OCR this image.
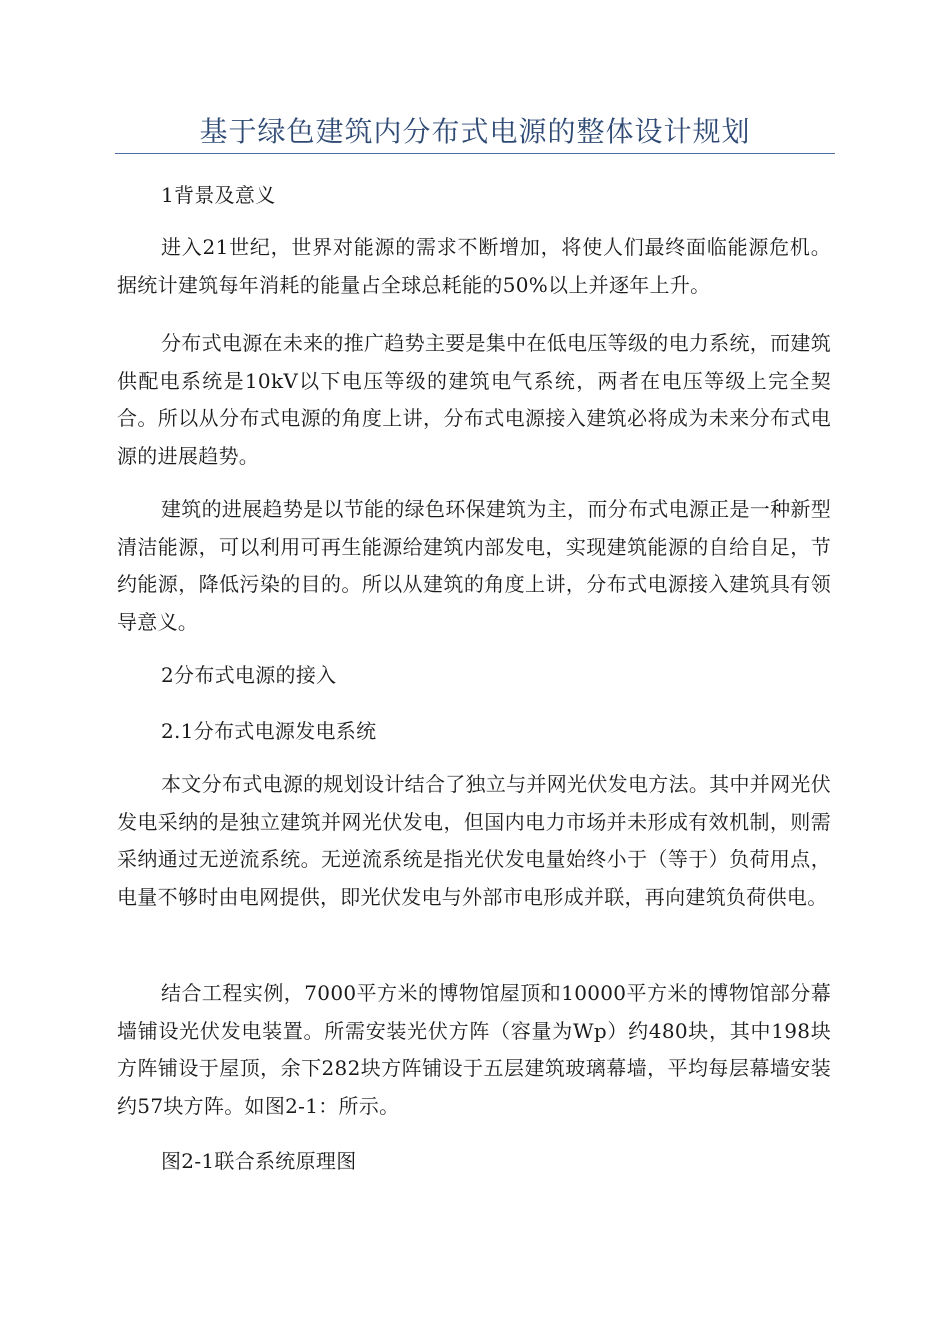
基于绿色建筑内分布式电源的整体设计规划

1背景及意义

进入21世纪，世界对能源的需求不断增加，将使人们最终面临能源危机。据统计建筑每年消耗的能量占全球总耗能的50%以上并逐年上升。

分布式电源在未来的推广趋势主要是集中在低电压等级的电力系统，而建筑供配电系统是10kV以下电压等级的建筑电气系统，两者在电压等级上完全契合。所以从分布式电源的角度上讲，分布式电源接入建筑必将成为未来分布式电源的进展趋势。

建筑的进展趋势是以节能的绿色环保建筑为主，而分布式电源正是一种新型清洁能源，可以利用可再生能源给建筑内部发电，实现建筑能源的自给自足，节约能源，降低污染的目的。所以从建筑的角度上讲，分布式电源接入建筑具有领导意义。

2分布式电源的接入

2.1分布式电源发电系统

本文分布式电源的规划设计结合了独立与并网光伏发电方法。其中并网光伏发电采纳的是独立建筑并网光伏发电，但国内电力市场并未形成有效机制，则需采纳通过无逆流系统。无逆流系统是指光伏发电量始终小于（等于）负荷用点，电量不够时由电网提供，即光伏发电与外部市电形成并联，再向建筑负荷供电。

结合工程实例，7000平方米的博物馆屋顶和10000平方米的博物馆部分幕墙铺设光伏发电装置。所需安装光伏方阵（容量为Wp）约480块，其中198块方阵铺设于屋顶，余下282块方阵铺设于五层建筑玻璃幕墙，平均每层幕墙安装约57块方阵。如图2-1：所示。

图2-1联合系统原理图
